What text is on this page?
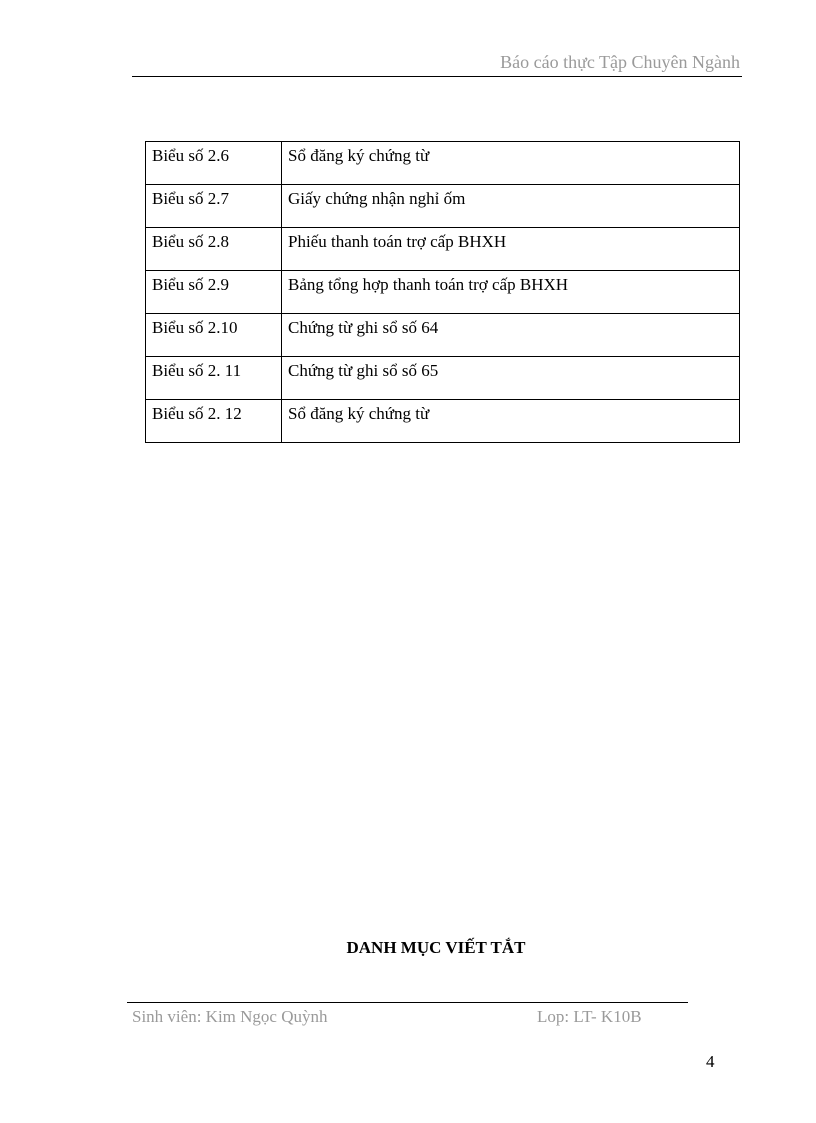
Báo cáo thực Tập Chuyên Ngành
Biểu số 2.6	Sổ đăng ký chứng từ
Biểu số 2.7	Giấy chứng nhận nghỉ ốm
Biểu số 2.8	Phiếu thanh toán trợ cấp BHXH
Biểu số 2.9	Bảng tổng hợp thanh toán trợ cấp BHXH
Biểu số 2.10	Chứng từ ghi sổ số 64
Biểu số 2. 11	Chứng từ ghi sổ số 65
Biểu số 2. 12	Sổ đăng ký chứng từ
DANH MỤC VIẾT TẮT
Sinh viên: Kim Ngọc Quỳnh	Lop: LT- K10B
4
